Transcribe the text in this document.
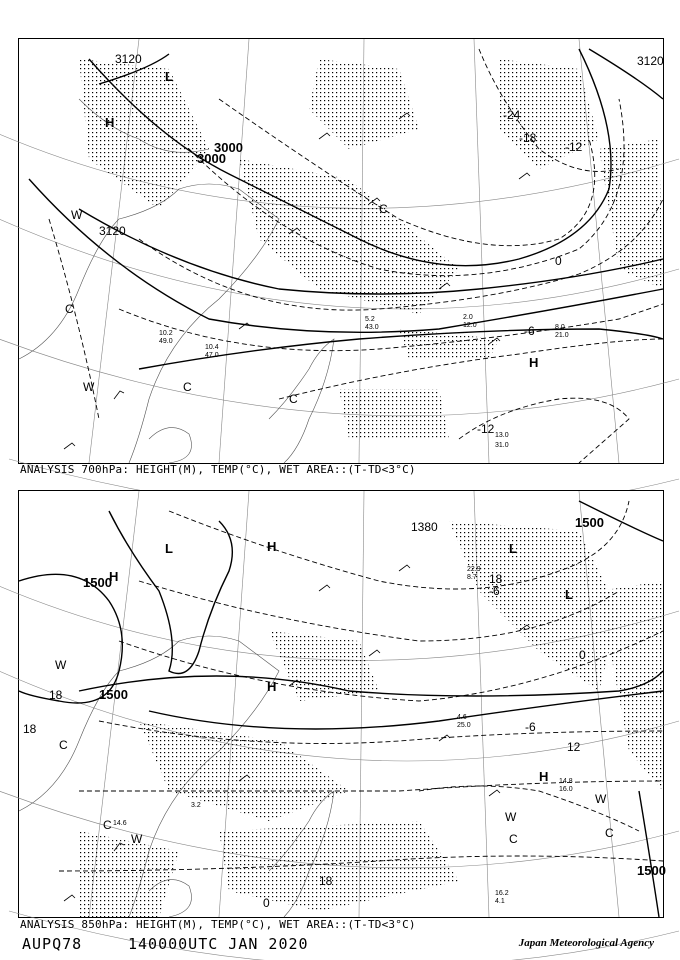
3120
3000
3000
3120
3120
-24
-18
-12
0
-6
-12
H
L
H
W
C
C
W
C
C
13.0
31.0
8.0
21.0
2.0
12.0
5.2
43.0
10.2
49.0
10.4
47.0
ANALYSIS 700hPa: HEIGHT(M), TEMP(°C), WET AREA::(T-TD<3°C)
1500
1500
1380	1500
1500
-6
0
-6
12
18
18
18
18
0
H
H
L	L
L
H
H
C
C	C
W
W
W
C
W
14.8
16.0
16.2
4.1
4.6
25.0
22.9
8.7
14.6
3.2
ANALYSIS 850hPa: HEIGHT(M), TEMP(°C), WET AREA::(T-TD<3°C)
AUPQ78	140000UTC JAN 2020	Japan Meteorological Agency
